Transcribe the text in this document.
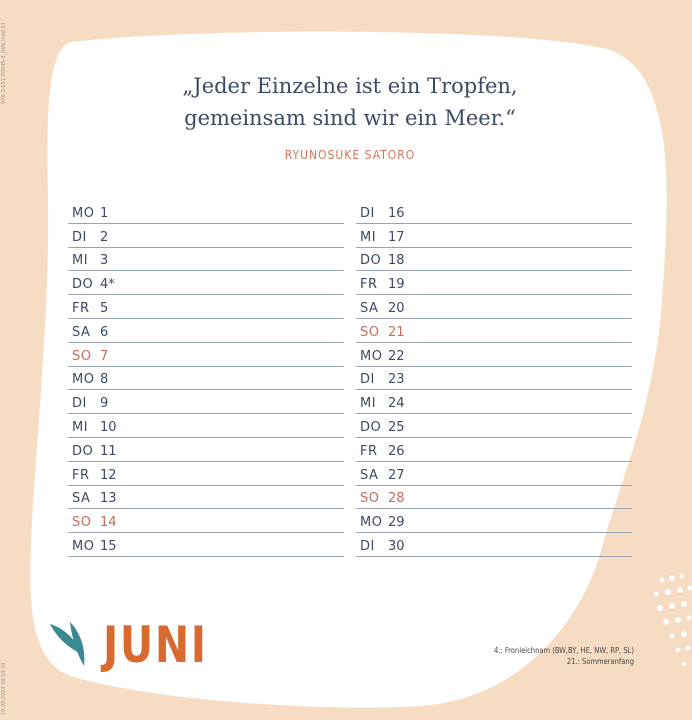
978-3-651-05945-3_JUNI.indd 21
19.09.2024 08:59:14
„Jeder Einzelne ist ein Tropfen,
gemeinsam sind wir ein Meer.“
RYUNOSUKE SATORO
MO 1
DI	2
MI 3
DO 4*
FR 5
SA 6
SO 7
MO 8
DI	9
MI 10
DO 11
FR 12
SA 13
SO 14
MO 15
DI	16
MI 17
DO 18
FR 19
SA 20
SO 21
MO 22
DI	23
MI 24
DO 25
FR 26
SA 27
SO 28
MO 29
DI	30
JUNI	4.: Fronleichnam (BW,BY, HE, NW, RP, SL)
21.: Sommeranfang
